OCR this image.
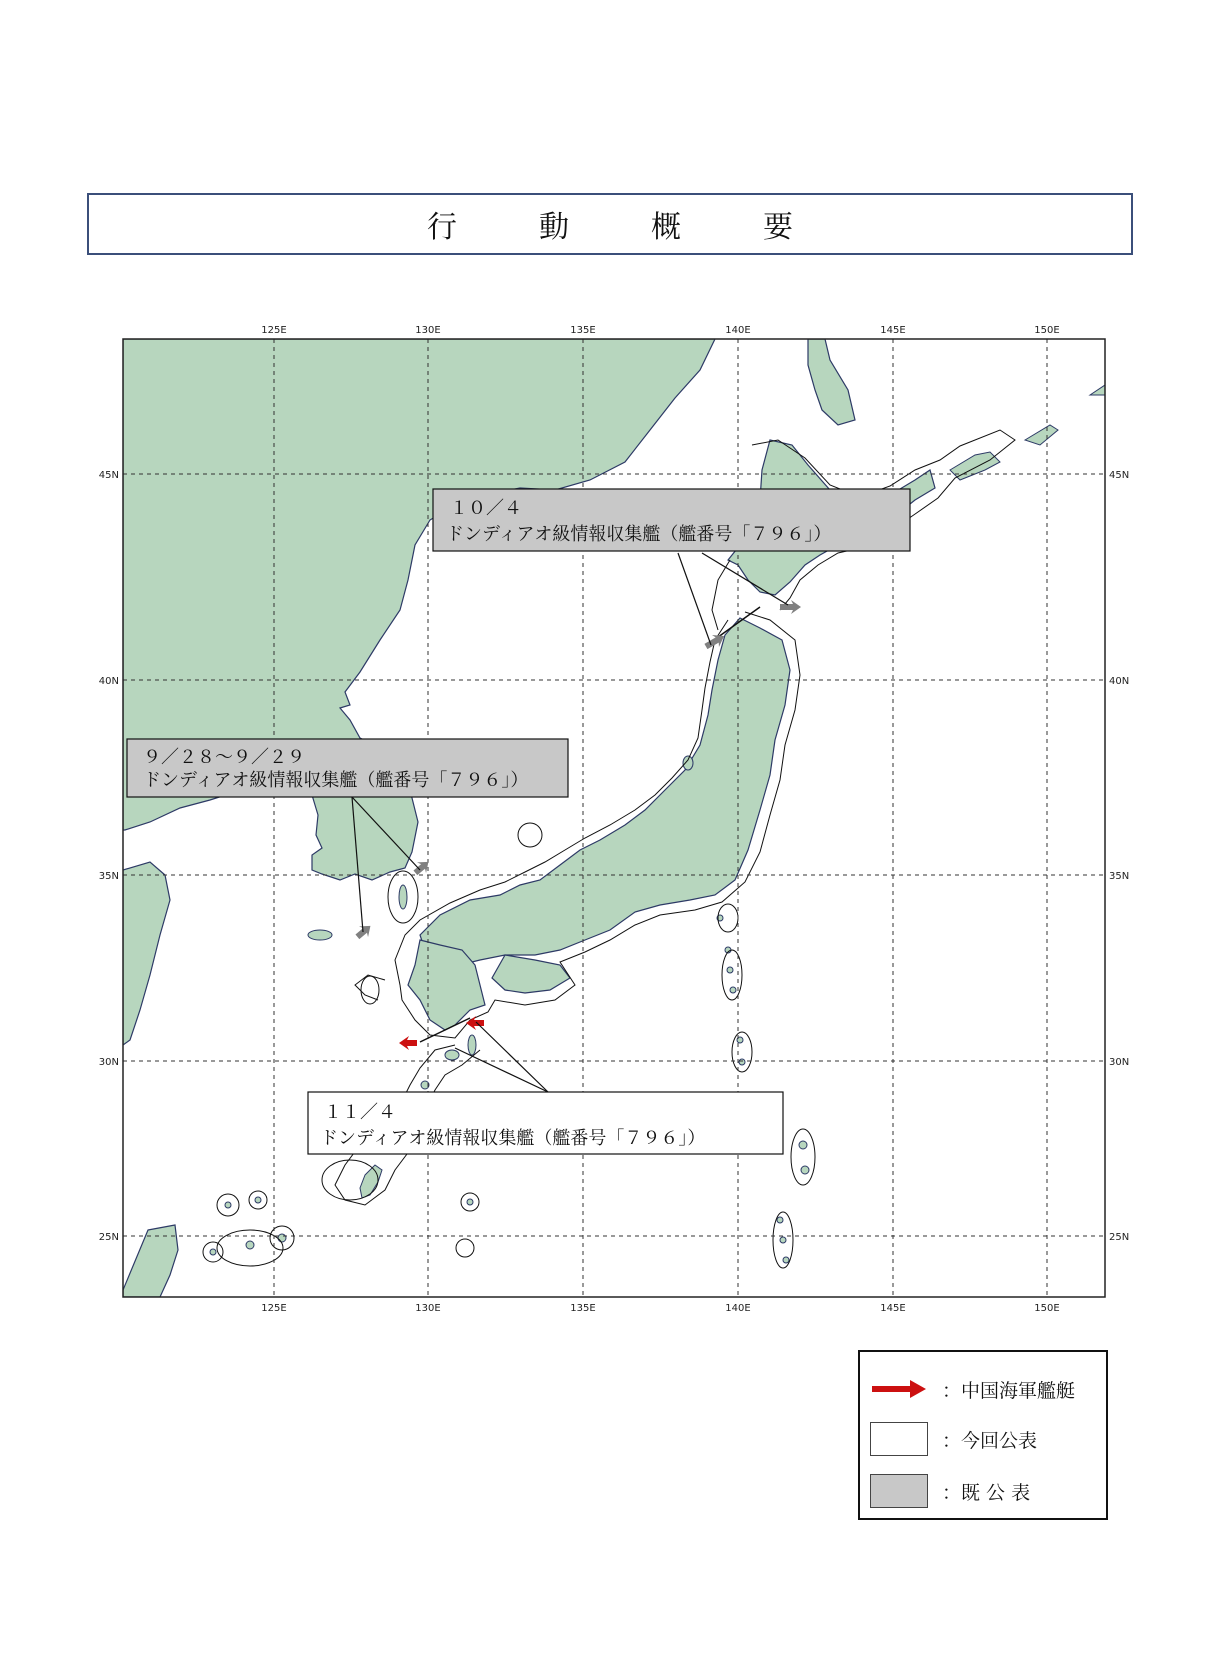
行　動　概　要
125E
125E
130E
130E
135E
135E
140E
140E
145E
145E
150E
150E
45N	45N
40N	40N
35N	35N
30N	30N
25N	25N
１０／４
ドンディアオ級情報収集艦（艦番号「７９６」）
９／２８～９／２９
ドンディアオ級情報収集艦（艦番号「７９６」）
１１／４
ドンディアオ級情報収集艦（艦番号「７９６」）
：中国海軍艦艇
：今回公表
：既 公 表
